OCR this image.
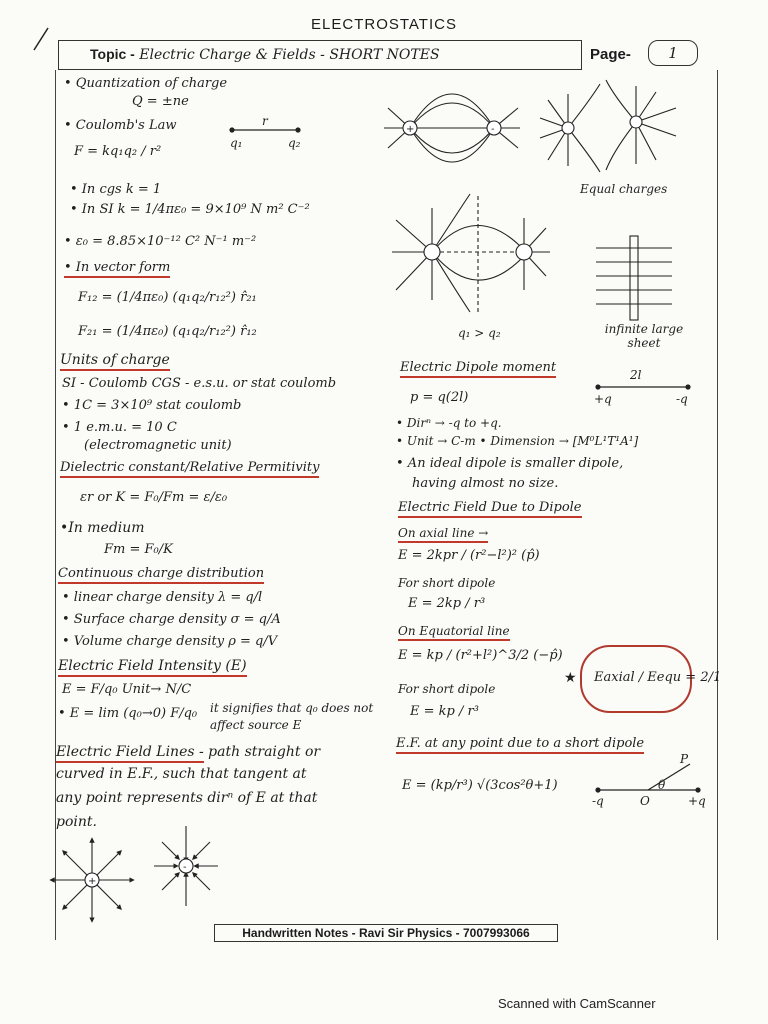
ELECTROSTATICS
Topic - Electric Charge & Fields - SHORT NOTES	Page-	1
• Quantization of charge
Q = ±ne
• Coulomb's Law
F = kq₁q₂ / r²
r
q₁	q₂
• In cgs k = 1
• In SI k = 1/4πε₀ = 9×10⁹ N m² C⁻²
• ε₀ = 8.85×10⁻¹² C² N⁻¹ m⁻²
• In vector form
F₁₂ = (1/4πε₀) (q₁q₂/r₁₂²) r̂₂₁
F₂₁ = (1/4πε₀) (q₁q₂/r₁₂²) r̂₁₂
Units of charge
SI - Coulomb CGS - e.s.u. or stat coulomb
• 1C = 3×10⁹ stat coulomb
• 1 e.m.u. = 10 C
(electromagnetic unit)
Dielectric constant/Relative Permitivity
εr or K = F₀/Fm = ε/ε₀
•In medium
Fm = F₀/K
Continuous charge distribution
• linear charge density λ = q/l
• Surface charge density σ = q/A
• Volume charge density ρ = q/V
Electric Field Intensity (E)
E = F/q₀ Unit→ N/C
• E = lim (q₀→0) F/q₀ it signifies that q₀ does not affect source E
Electric Field Lines - path straight or
curved in E.F., such that tangent at
any point represents dirⁿ of E at that
point.
Equal charges
q₁ > q₂	infinite large sheet
Electric Dipole moment	2l
+q	-q
p = q(2l)
• Dirⁿ → -q to +q.
• Unit → C-m • Dimension → [M⁰L¹T¹A¹]
• An ideal dipole is smaller dipole,
having almost no size.
Electric Field Due to Dipole
On axial line →
E = 2kpr / (r²−l²)² (p̂)
For short dipole
E = 2kp / r³
On Equatorial line
E = kp / (r²+l²)^3/2 (−p̂)
For short dipole
E = kp / r³
Eaxial / Eequ = 2/1
E.F. at any point due to a short dipole
E = (kp/r³) √(3cos²θ+1)
P
θ
-q	O	+q
+	-
★
+
-
Handwritten Notes - Ravi Sir Physics - 7007993066
Scanned with CamScanner
